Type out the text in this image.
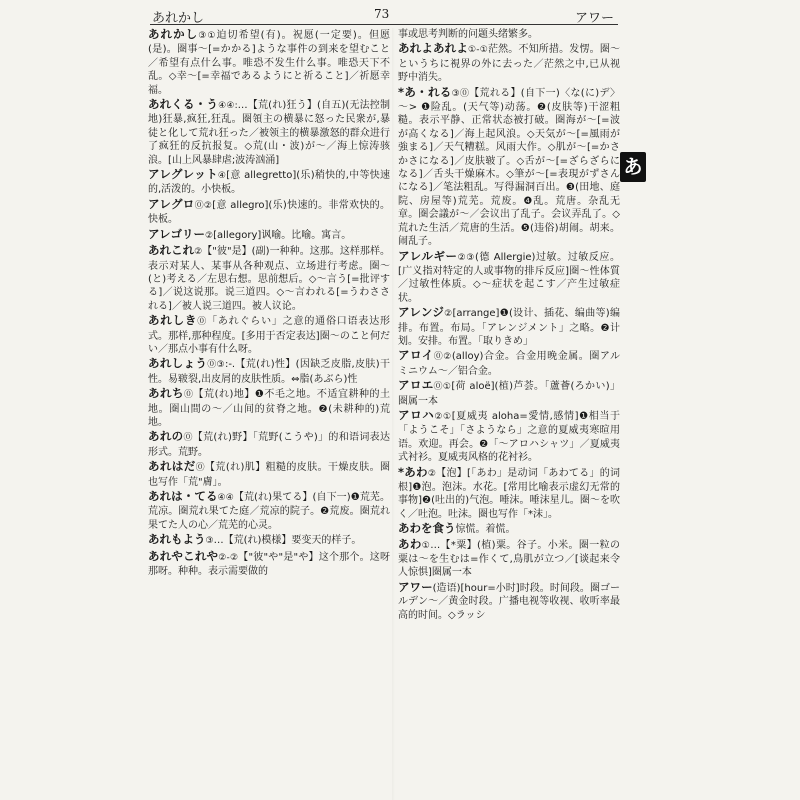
あれかし	73	アワー

あれかし③①迫切希望(有)。祝愿(一定要)。但愿(是)。圏事～[=かかる]ような事件の到来を望むこと／希望有点什么事。唯恐不发生什么事。唯恐天下不乱。◇幸～[=幸福であるようにと祈ること]／祈愿幸福。

あれくる・う④④:…【荒(れ)狂う】(自五)(无法控制地)狂暴,疯狂,狂乱。圏領主の横暴に怒った民衆が,暴徒と化して荒れ狂った／被领主的横暴激怒的群众进行了疯狂的反抗报复。◇荒(山・波)が～／海上惊涛骇浪。[山上风暴肆虐;波涛汹涌]

アレグレット④[意 allegretto](乐)稍快的,中等快速的,活泼的。小快板。

アレグロ⓪②[意 allegro](乐)快速的。非常欢快的。快板。

アレゴリー②[allegory]讽喻。比喻。寓言。

あれこれ②【"彼"是】(副)一种种。这那。这样那样。表示对某人、某事从各种观点、立场进行考虑。圏～(と)考える／左思右想。思前想后。◇～言う[=批评する]／说这说那。说三道四。◇～言われる[=うわさされる]／被人说三道四。被人议论。

あれしき⓪「あれぐらい」之意的通俗口语表达形式。那样,那种程度。[多用于否定表达]圏～のこと何だい／那点小事有什么呀。

あれしょう⓪③:-.【荒(れ)性】(因缺乏皮脂,皮肤)干性。易皲裂,出皮屑的皮肤性质。⇔脂(あぶら)性

あれち⓪【荒(れ)地】❶不毛之地。不适宜耕种的土地。圏山間の～／山间的贫脊之地。❷(未耕种的)荒地。

あれの⓪【荒(れ)野】「荒野(こうや)」的和语词表达形式。荒野。

あれはだ⓪【荒(れ)肌】粗糙的皮肤。干燥皮肤。圏也写作「荒"膚」。

あれは・てる④④【荒(れ)果てる】(自下一)❶荒芜。荒凉。圏荒れ果てた庭／荒凉的院子。❷荒废。圏荒れ果てた人の心／荒芜的心灵。

あれもよう③…【荒(れ)模様】要变天的样子。

あれやこれや②-②【"彼"や"是"や】这个那个。这呀那呀。种种。表示需要做的

事或思考判断的问题头绪繁多。

あれよあれよ①-①茫然。不知所措。发愣。圏～というちに視界の外に去った／茫然之中,已从视野中消失。

*あ・れる③⓪【荒れる】(自下一)〈な(に)デ〉～> ❶险乱。(天气等)动荡。❷(皮肤等)干涩粗糙。表示平静、正常状态被打破。圏海が～[=波が高くなる]／海上起风浪。◇天気が～[=風雨が強まる]／天气糟糕。风雨大作。◇肌が～[=かさかさになる]／皮肤皲了。◇舌が～[=ざらざらになる]／舌头干燥麻木。◇筆が～[=表現がずさんになる]／笔法粗乱。写得漏洞百出。❸(田地、庭院、房屋等)荒芜。荒废。❹乱。荒唐。杂乱无章。圏会議が～／会议出了乱子。会议弄乱了。◇荒れた生活／荒唐的生活。❺(违俗)胡闹。胡来。闹乱子。

アレルギー②③(德 Allergie)过敏。过敏反应。[广义指对特定的人或事物的排斥反应]圏～性体質／过敏性体质。◇～症状を起こす／产生过敏症状。

アレンジ②[arrange]❶(设计、插花、编曲等)编排。布置。布局。「アレンジメント」之略。❷计划。安排。布置。「取りきめ」

アロイ⓪②(alloy)合金。合金用晚金属。圏アルミニウム～／铝合金。

アロエ⓪①[荷 aloë](植)芦荟。「蘆薈(ろかい)」圏属一本

アロハ②①[夏威夷 aloha=愛情,感情]❶相当于「ようこそ」「さようなら」之意的夏威夷寒暄用语。欢迎。再会。❷「～アロハシャツ」／夏威夷式衬衫。夏威夷风格的花衬衫。

*あわ②【泡】[「あわ」是动词「あわてる」的词根]❶泡。泡沫。水花。[常用比喻表示虚幻无常的事物]❷(吐出的)气泡。唾沫。唾沫星儿。圏～を吹く／吐泡。吐沫。圏也写作「*沫」。

あわを食う惊慌。着慌。

あわ①…【*粟】(植)粟。谷子。小米。圏一粒の粟は～を生むは=作くて,鳥肌が立つ／[谈起来令人惊惧]圏属一本

アワー(造语)[hour=小时]时段。时间段。圏ゴールデン～／黄金时段。广播电视等收视、收听率最高的时间。◇ラッシ

あ
